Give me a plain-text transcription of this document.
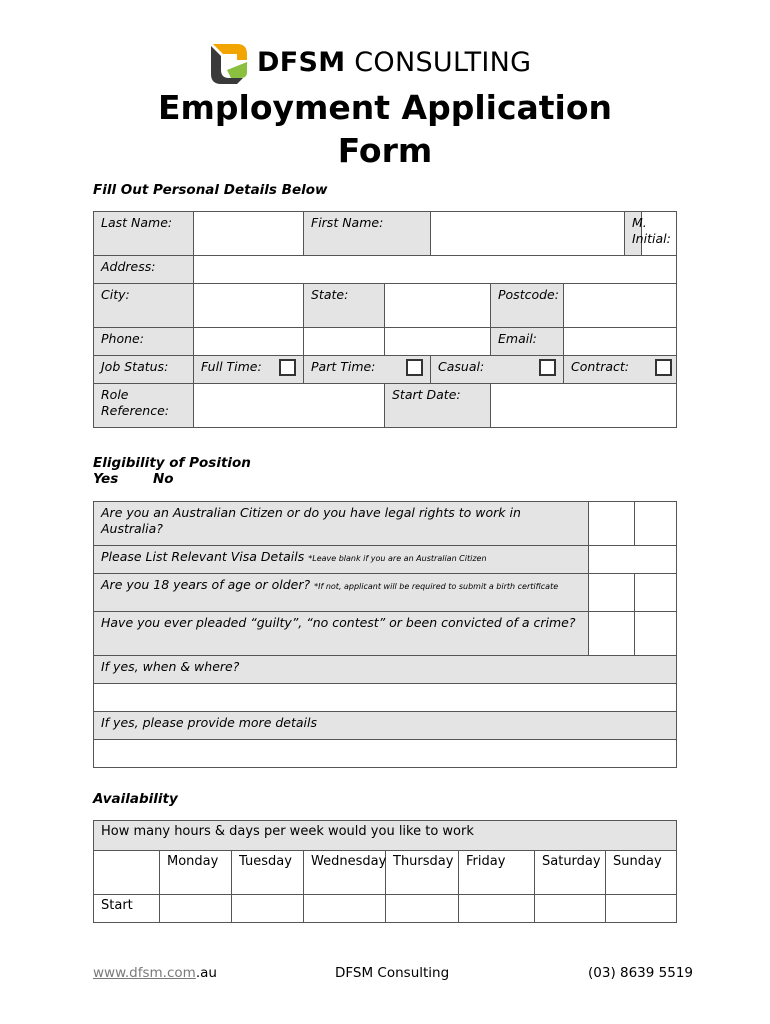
DFSM CONSULTING
Employment Application
Form
Fill Out Personal Details Below
Last Name:		First Name:					M. Initial:	
Address:								
City:		State:			Postcode:			
Phone:					Email:			
Job Status:	Full Time:	Part Time:		Casual:		Contract:		

Role Reference:			Start Date:					
Eligibility of Position
Yes	No
Are you an Australian Citizen or do you have legal rights to work in Australia?		
Please List Relevant Visa Details *Leave blank if you are an Australian Citizen		
Are you 18 years of age or older? *If not, applicant will be required to submit a birth certificate		
Have you ever pleaded “guilty”, “no contest” or been convicted of a crime?		
If yes, when & where?		

If yes, please provide more details		

Availability
How many hours & days per week would you like to work							
	Monday	Tuesday	Wednesday	Thursday	Friday	Saturday	Sunday
Start							
www.dfsm.com.au	DFSM Consulting	(03) 8639 5519
